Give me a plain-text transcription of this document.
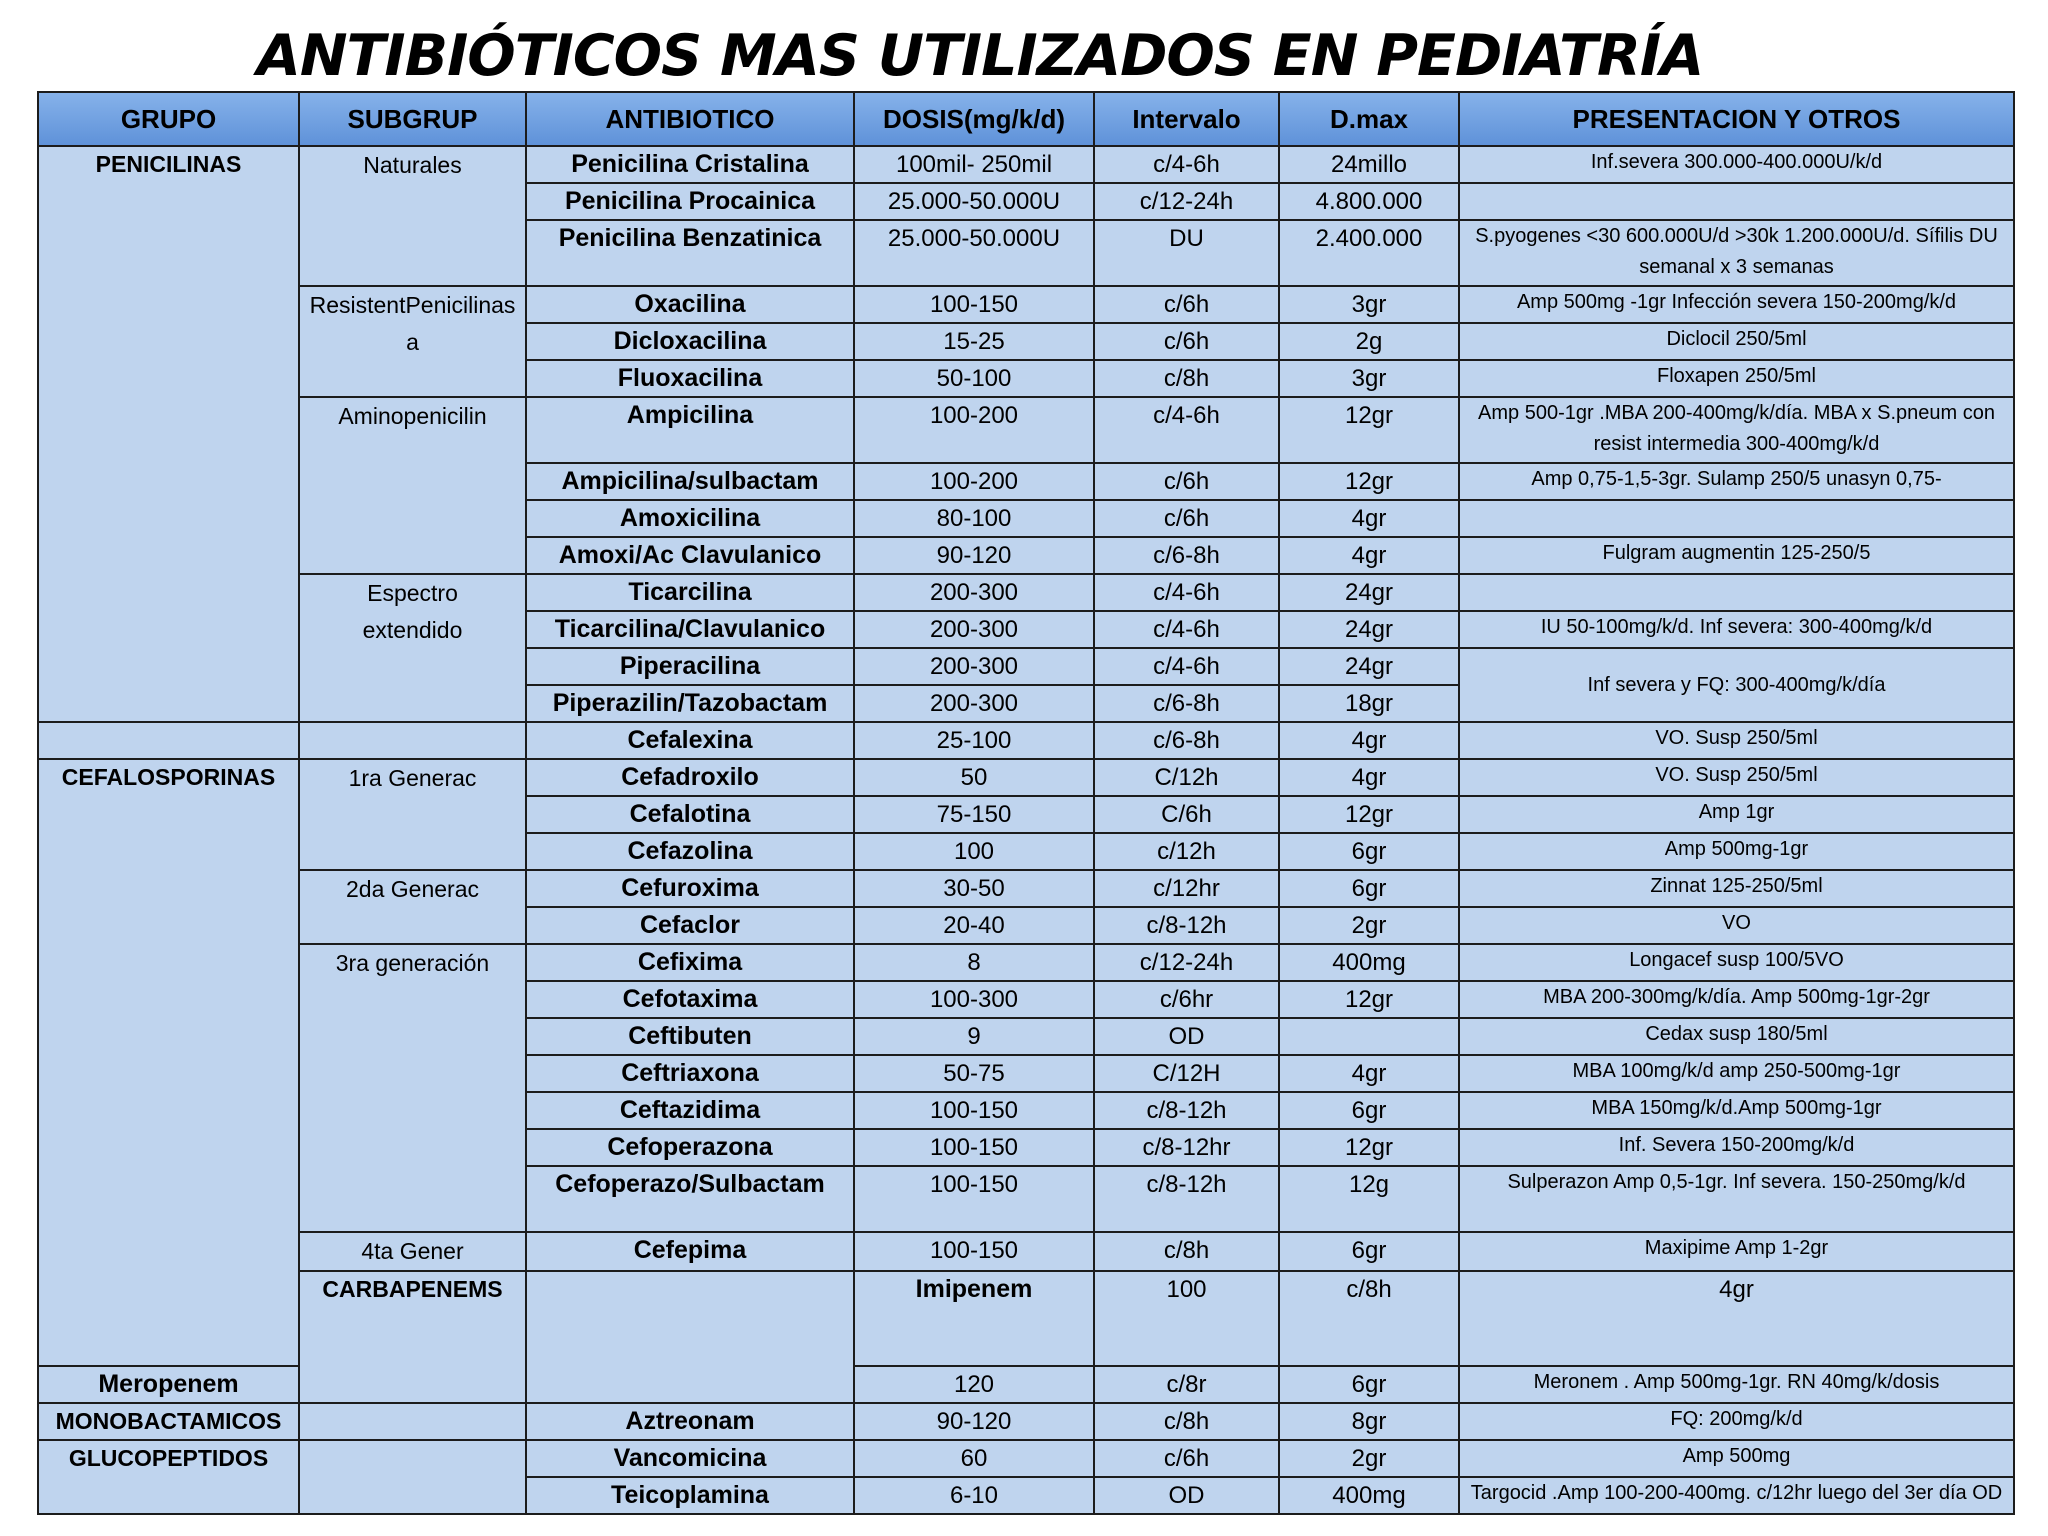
ANTIBIÓTICOS MAS UTILIZADOS EN PEDIATRÍA
GRUPO	SUBGRUP	ANTIBIOTICO	DOSIS(mg/k/d)	Intervalo	D.max	PRESENTACION Y OTROS	
PENICILINAS	Naturales	Penicilina Cristalina	100mil- 250mil	c/4-6h	24millo	Inf.severa 300.000-400.000U/k/d	
		Penicilina Procainica	25.000-50.000U	c/12-24h	4.800.000		
		Penicilina Benzatinica	25.000-50.000U	DU	2.400.000	S.pyogenes <30 600.000U/d >30k 1.200.000U/d. Sífilis DU semanal x 3 semanas	
	ResistentPenicilinasa	Oxacilina	100-150	c/6h	3gr	Amp 500mg -1gr Infección severa 150-200mg/k/d	
		Dicloxacilina	15-25	c/6h	2g	Diclocil 250/5ml	
		Fluoxacilina	50-100	c/8h	3gr	Floxapen 250/5ml	
	Aminopenicilin	Ampicilina	100-200	c/4-6h	12gr	Amp 500-1gr .MBA 200-400mg/k/día. MBA x S.pneum con resist intermedia 300-400mg/k/d	
		Ampicilina/sulbactam	100-200	c/6h	12gr	Amp 0,75-1,5-3gr. Sulamp 250/5 unasyn 0,75-	
		Amoxicilina	80-100	c/6h	4gr		
		Amoxi/Ac Clavulanico	90-120	c/6-8h	4gr	Fulgram augmentin 125-250/5	
	Espectro extendido	Ticarcilina	200-300	c/4-6h	24gr		
		Ticarcilina/Clavulanico	200-300	c/4-6h	24gr	IU 50-100mg/k/d. Inf severa: 300-400mg/k/d	
		Piperacilina	200-300	c/4-6h	24gr	Inf severa y FQ: 300-400mg/k/día	
		Piperazilin/Tazobactam	200-300	c/6-8h	18gr		
		Cefalexina	25-100	c/6-8h	4gr	VO. Susp 250/5ml	
CEFALOSPORINAS	1ra Generac	Cefadroxilo	50	C/12h	4gr	VO. Susp 250/5ml	
		Cefalotina	75-150	C/6h	12gr	Amp 1gr	
		Cefazolina	100	c/12h	6gr	Amp 500mg-1gr	
	2da Generac	Cefuroxima	30-50	c/12hr	6gr	Zinnat 125-250/5ml	
		Cefaclor	20-40	c/8-12h	2gr	VO	
	3ra generación	Cefixima	8	c/12-24h	400mg	Longacef susp 100/5VO	
		Cefotaxima	100-300	c/6hr	12gr	MBA 200-300mg/k/día. Amp 500mg-1gr-2gr	
		Ceftibuten	9	OD		Cedax susp 180/5ml	
		Ceftriaxona	50-75	C/12H	4gr	MBA 100mg/k/d amp 250-500mg-1gr	
		Ceftazidima	100-150	c/8-12h	6gr	MBA 150mg/k/d.Amp 500mg-1gr	
		Cefoperazona	100-150	c/8-12hr	12gr	Inf. Severa 150-200mg/k/d	
		Cefoperazo/Sulbactam	100-150	c/8-12h	12g	Sulperazon Amp 0,5-1gr. Inf severa. 150-250mg/k/d	
	4ta Gener	Cefepima	100-150	c/8h	6gr	Maxipime Amp 1-2gr	
	CARBAPENEMS		Imipenem	100	c/8h	4gr	
Meropenem			120	c/8r	6gr	Meronem . Amp 500mg-1gr. RN 40mg/k/dosis	
MONOBACTAMICOS		Aztreonam	90-120	c/8h	8gr	FQ: 200mg/k/d	
GLUCOPEPTIDOS		Vancomicina	60	c/6h	2gr	Amp 500mg	
		Teicoplamina	6-10	OD	400mg	Targocid .Amp 100-200-400mg. c/12hr luego del 3er día OD	
